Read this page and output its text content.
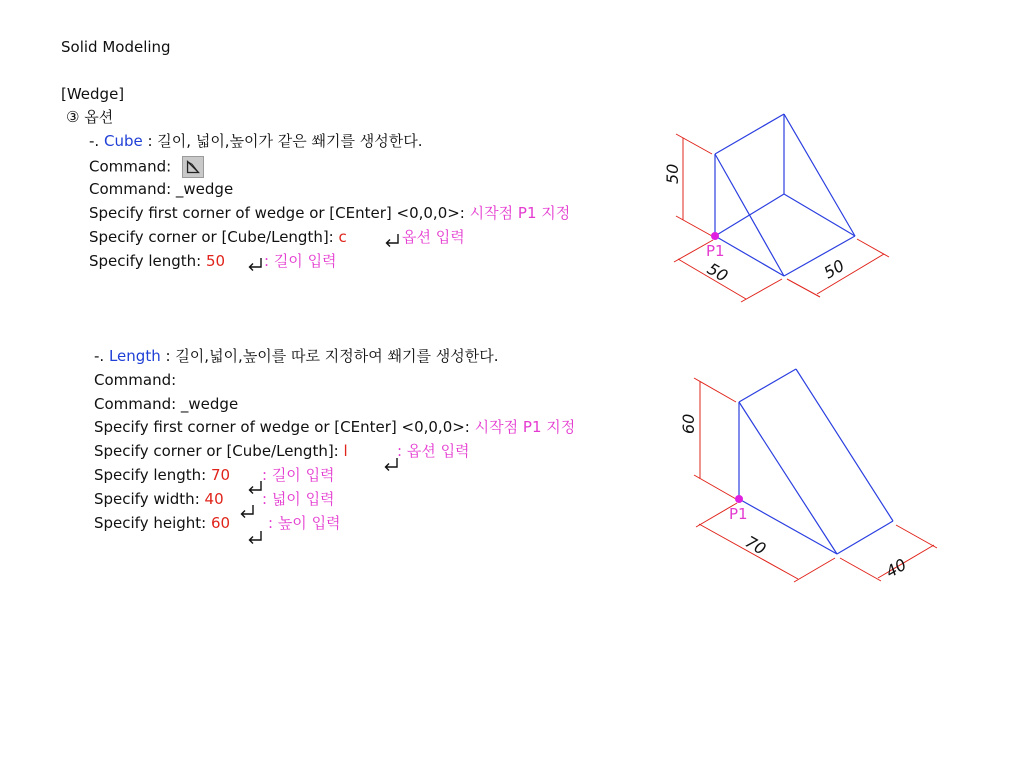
Solid Modeling
[Wedge]
③ 옵션
-. Cube : 길이, 넓이,높이가 같은 쐐기를 생성한다.
Command:
Command: _wedge
Specify first corner of wedge or [CEnter] <0,0,0>: 시작점 P1 지정
Specify corner or [Cube/Length]: c	옵션 입력
Specify length: 50	: 길이 입력
P1
50
50	50
-. Length : 길이,넓이,높이를 따로 지정하여 쐐기를 생성한다.
Command:
Command: _wedge
Specify first corner of wedge or [CEnter] <0,0,0>: 시작점 P1 지정
Specify corner or [Cube/Length]: l	: 옵션 입력
Specify length: 70 : 길이 입력
Specify width: 40	: 넓이 입력
Specify height: 60	: 높이 입력	P1
60
70
40
